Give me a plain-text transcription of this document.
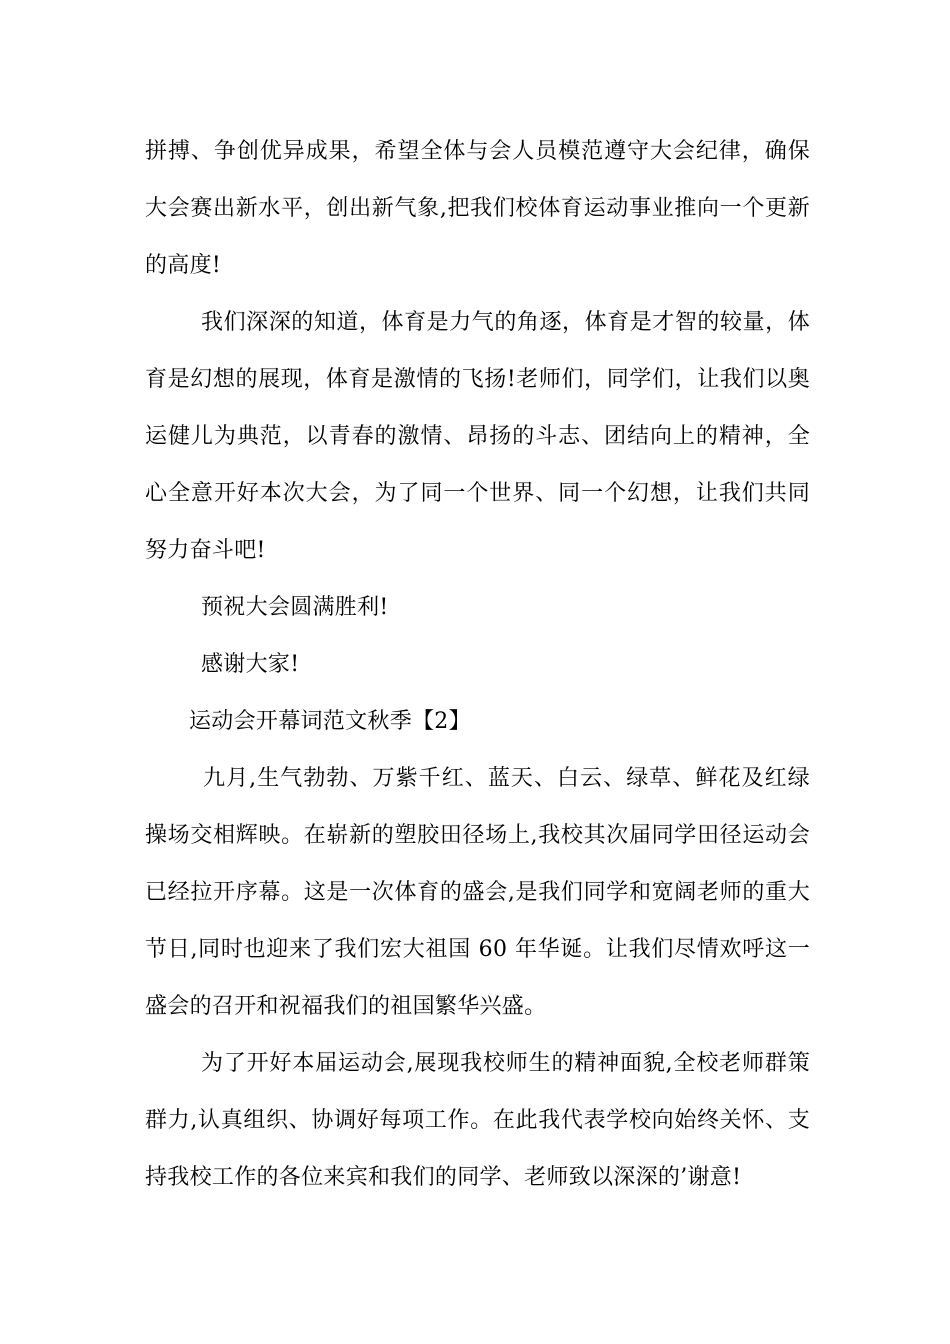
拼搏、争创优异成果，希望全体与会人员模范遵守大会纪律，确保
大会赛出新水平，创出新气象,把我们校体育运动事业推向一个更新
的高度!
我们深深的知道，体育是力气的角逐，体育是才智的较量，体
育是幻想的展现，体育是激情的飞扬!老师们，同学们，让我们以奥
运健儿为典范，以青春的激情、昂扬的斗志、团结向上的精神，全
心全意开好本次大会，为了同一个世界、同一个幻想，让我们共同
努力奋斗吧!
预祝大会圆满胜利!
感谢大家!
运动会开幕词范文秋季【2】
九月,生气勃勃、万紫千红、蓝天、白云、绿草、鲜花及红绿
操场交相辉映。在崭新的塑胶田径场上,我校其次届同学田径运动会
已经拉开序幕。这是一次体育的盛会,是我们同学和宽阔老师的重大
节日,同时也迎来了我们宏大祖国 60 年华诞。让我们尽情欢呼这一
盛会的召开和祝福我们的祖国繁华兴盛。
为了开好本届运动会,展现我校师生的精神面貌,全校老师群策
群力,认真组织、协调好每项工作。在此我代表学校向始终关怀、支
持我校工作的各位来宾和我们的同学、老师致以深深的’谢意!
